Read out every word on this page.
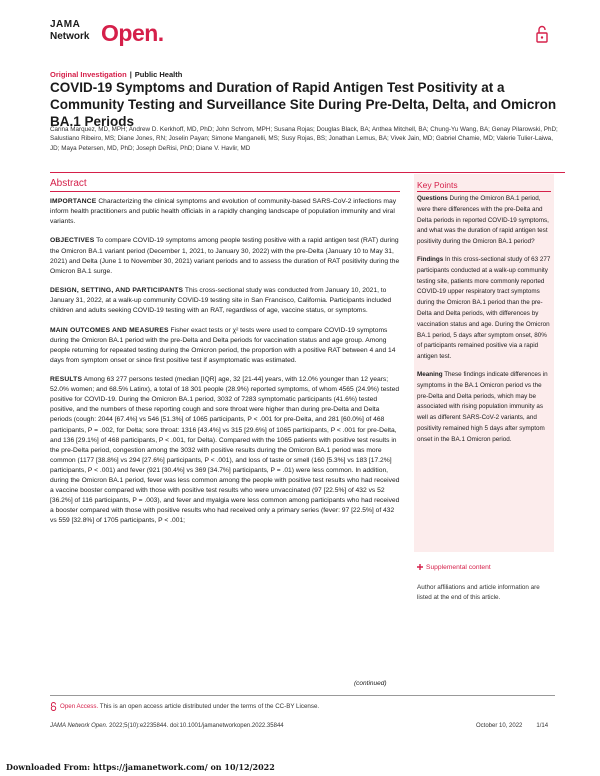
JAMA
Network Open.
Original Investigation | Public Health
COVID-19 Symptoms and Duration of Rapid Antigen Test Positivity at a Community Testing and Surveillance Site During Pre-Delta, Delta, and Omicron BA.1 Periods
Carina Marquez, MD, MPH; Andrew D. Kerkhoff, MD, PhD; John Schrom, MPH; Susana Rojas; Douglas Black, BA; Anthea Mitchell, BA; Chung-Yu Wang, BA; Genay Pilarowski, PhD; Salustiano Ribeiro, MS; Diane Jones, RN; Joselin Payan; Simone Manganelli, MS; Susy Rojas, BS; Jonathan Lemus, BA; Vivek Jain, MD; Gabriel Chamie, MD; Valerie Tulier-Laiwa, JD; Maya Petersen, MD, PhD; Joseph DeRisi, PhD; Diane V. Havlir, MD
Abstract

IMPORTANCE Characterizing the clinical symptoms and evolution of community-based SARS-CoV-2 infections may inform health practitioners and public health officials in a rapidly changing landscape of population immunity and viral variants.

OBJECTIVES To compare COVID-19 symptoms among people testing positive with a rapid antigen test (RAT) during the Omicron BA.1 variant period (December 1, 2021, to January 30, 2022) with the pre-Delta (January 10 to May 31, 2021) and Delta (June 1 to November 30, 2021) variant periods and to assess the duration of RAT positivity during the Omicron BA.1 surge.

DESIGN, SETTING, AND PARTICIPANTS This cross-sectional study was conducted from January 10, 2021, to January 31, 2022, at a walk-up community COVID-19 testing site in San Francisco, California. Participants included children and adults seeking COVID-19 testing with an RAT, regardless of age, vaccine status, or symptoms.

MAIN OUTCOMES AND MEASURES Fisher exact tests or χ² tests were used to compare COVID-19 symptoms during the Omicron BA.1 period with the pre-Delta and Delta periods for vaccination status and age group. Among people returning for repeated testing during the Omicron period, the proportion with a positive RAT between 4 and 14 days from symptom onset or since first positive test if asymptomatic was estimated.

RESULTS Among 63 277 persons tested (median [IQR] age, 32 [21-44] years, with 12.0% younger than 12 years; 52.0% women; and 68.5% Latinx), a total of 18 301 people (28.9%) reported symptoms, of whom 4565 (24.9%) tested positive for COVID-19. During the Omicron BA.1 period, 3032 of 7283 symptomatic participants (41.6%) tested positive, and the numbers of these reporting cough and sore throat were higher than during pre-Delta and Delta periods (cough: 2044 [67.4%] vs 546 [51.3%] of 1065 participants, P < .001 for pre-Delta, and 281 [60.0%] of 468 participants, P = .002, for Delta; sore throat: 1316 [43.4%] vs 315 [29.6%] of 1065 participants, P < .001 for pre-Delta, and 136 [29.1%] of 468 participants, P < .001, for Delta). Compared with the 1065 patients with positive test results in the pre-Delta period, congestion among the 3032 with positive results during the Omicron BA.1 period was more common (1177 [38.8%] vs 294 [27.6%] participants, P < .001), and loss of taste or smell (160 [5.3%] vs 183 [17.2%] participants, P < .001) and fever (921 [30.4%] vs 369 [34.7%] participants, P = .01) were less common. In addition, during the Omicron BA.1 period, fever was less common among the people with positive test results who had received a vaccine booster compared with those with positive test results who were unvaccinated (97 [22.5%] of 432 vs 52 [36.2%] of 116 participants, P = .003), and fever and myalgia were less common among participants who had received a booster compared with those with positive results who had received only a primary series (fever: 97 [22.5%] of 432 vs 559 [32.8%] of 1705 participants, P < .001;

(continued)
Key Points

Questions During the Omicron BA.1 period, were there differences with the pre-Delta and Delta periods in reported COVID-19 symptoms, and what was the duration of rapid antigen test positivity during the Omicron BA.1 period?

Findings In this cross-sectional study of 63 277 participants conducted at a walk-up community testing site, patients more commonly reported COVID-19 upper respiratory tract symptoms during the Omicron BA.1 period than the pre-Delta and Delta periods, with differences by vaccination status and age. During the Omicron BA.1 period, 5 days after symptom onset, 80% of participants remained positive via a rapid antigen test.

Meaning These findings indicate differences in symptoms in the BA.1 Omicron period vs the pre-Delta and Delta periods, which may be associated with rising population immunity as well as different SARS-CoV-2 variants, and positivity remained high 5 days after symptom onset in the BA.1 Omicron period.

Supplemental content
Author affiliations and article information are listed at the end of this article.
Open Access. This is an open access article distributed under the terms of the CC-BY License.
JAMA Network Open. 2022;5(10):e2235844. doi:10.1001/jamanetworkopen.2022.35844	October 10, 2022 1/14
Downloaded From: https://jamanetwork.com/ on 10/12/2022
